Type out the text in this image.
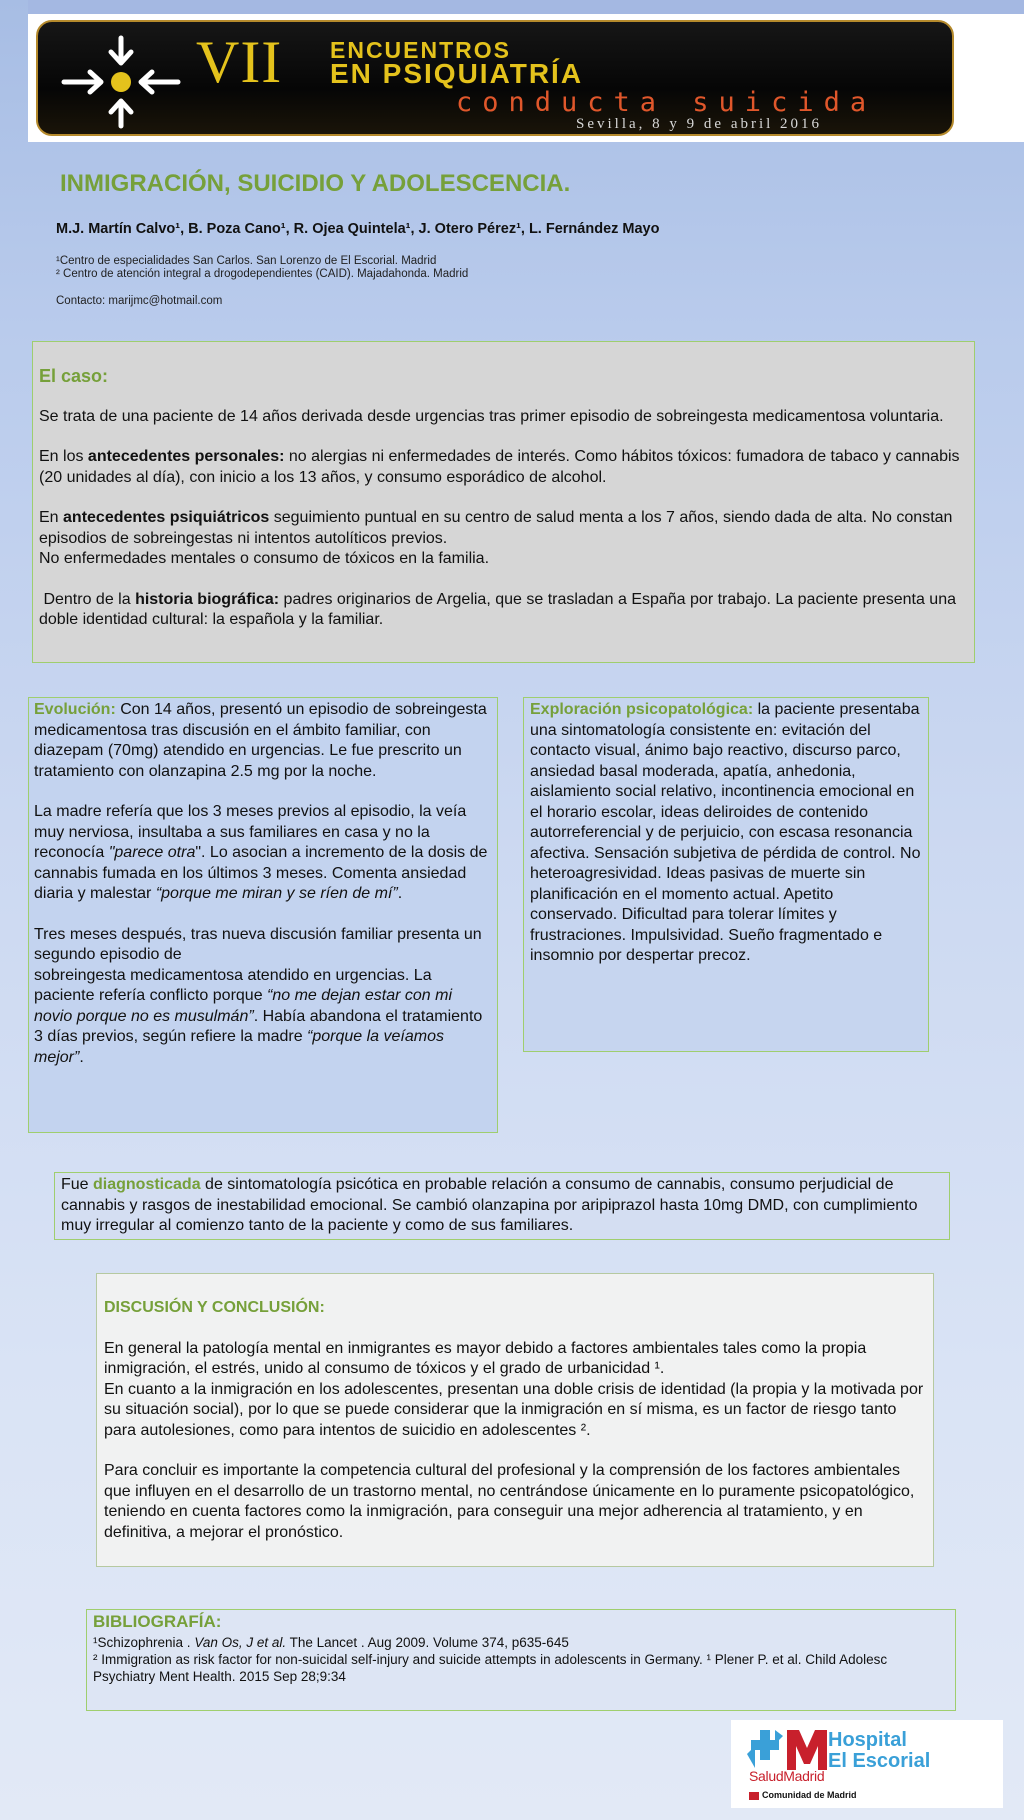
VII ENCUENTROS
EN PSIQUIATRÍA
conducta suicida
Sevilla, 8 y 9 de abril 2016
INMIGRACIÓN, SUICIDIO Y ADOLESCENCIA.
M.J. Martín Calvo¹, B. Poza Cano¹, R. Ojea Quintela¹, J. Otero Pérez¹, L. Fernández Mayo
¹Centro de especialidades San Carlos. San Lorenzo de El Escorial. Madrid
² Centro de atención integral a drogodependientes (CAID). Majadahonda. Madrid
Contacto: marijmc@hotmail.com

El caso:

Se trata de una paciente de 14 años derivada desde urgencias tras primer episodio de sobreingesta medicamentosa voluntaria.

En los antecedentes personales: no alergias ni enfermedades de interés. Como hábitos tóxicos: fumadora de tabaco y cannabis (20 unidades al día), con inicio a los 13 años, y consumo esporádico de alcohol.

En antecedentes psiquiátricos seguimiento puntual en su centro de salud menta a los 7 años, siendo dada de alta. No constan episodios de sobreingestas ni intentos autolíticos previos.
No enfermedades mentales o consumo de tóxicos en la familia.

Dentro de la historia biográfica: padres originarios de Argelia, que se trasladan a España por trabajo. La paciente presenta una doble identidad cultural: la española y la familiar.

Evolución: Con 14 años, presentó un episodio de sobreingesta medicamentosa tras discusión en el ámbito familiar, con diazepam (70mg) atendido en urgencias. Le fue prescrito un tratamiento con olanzapina 2.5 mg por la noche.

La madre refería que los 3 meses previos al episodio, la veía muy nerviosa, insultaba a sus familiares en casa y no la reconocía "parece otra". Lo asocian a incremento de la dosis de cannabis fumada en los últimos 3 meses. Comenta ansiedad diaria y malestar “porque me miran y se ríen de mí”.

Tres meses después, tras nueva discusión familiar presenta un segundo episodio de
sobreingesta medicamentosa atendido en urgencias. La paciente refería conflicto porque “no me dejan estar con mi novio porque no es musulmán”. Había abandona el tratamiento 3 días previos, según refiere la madre “porque la veíamos mejor”.

Exploración psicopatológica: la paciente presentaba una sintomatología consistente en: evitación del contacto visual, ánimo bajo reactivo, discurso parco, ansiedad basal moderada, apatía, anhedonia, aislamiento social relativo, incontinencia emocional en el horario escolar, ideas deliroides de contenido autorreferencial y de perjuicio, con escasa resonancia afectiva. Sensación subjetiva de pérdida de control. No heteroagresividad. Ideas pasivas de muerte sin planificación en el momento actual. Apetito conservado. Dificultad para tolerar límites y frustraciones. Impulsividad. Sueño fragmentado e insomnio por despertar precoz.

Fue diagnosticada de sintomatología psicótica en probable relación a consumo de cannabis, consumo perjudicial de cannabis y rasgos de inestabilidad emocional. Se cambió olanzapina por aripiprazol hasta 10mg DMD, con cumplimiento muy irregular al comienzo tanto de la paciente y como de sus familiares.

DISCUSIÓN Y CONCLUSIÓN:

En general la patología mental en inmigrantes es mayor debido a factores ambientales tales como la propia inmigración, el estrés, unido al consumo de tóxicos y el grado de urbanicidad ¹.
En cuanto a la inmigración en los adolescentes, presentan una doble crisis de identidad (la propia y la motivada por su situación social), por lo que se puede considerar que la inmigración en sí misma, es un factor de riesgo tanto para autolesiones, como para intentos de suicidio en adolescentes ².

Para concluir es importante la competencia cultural del profesional y la comprensión de los factores ambientales que influyen en el desarrollo de un trastorno mental, no centrándose únicamente en lo puramente psicopatológico, teniendo en cuenta factores como la inmigración, para conseguir una mejor adherencia al tratamiento, y en definitiva, a mejorar el pronóstico.

BIBLIOGRAFÍA:

¹Schizophrenia . Van Os, J et al. The Lancet . Aug 2009. Volume 374, p635-645

² Immigration as risk factor for non-suicidal self-injury and suicide attempts in adolescents in Germany. ¹ Plener P. et al. Child Adolesc Psychiatry Ment Health. 2015 Sep 28;9:34

Hospital
El Escorial
SaludMadrid
Comunidad de Madrid
